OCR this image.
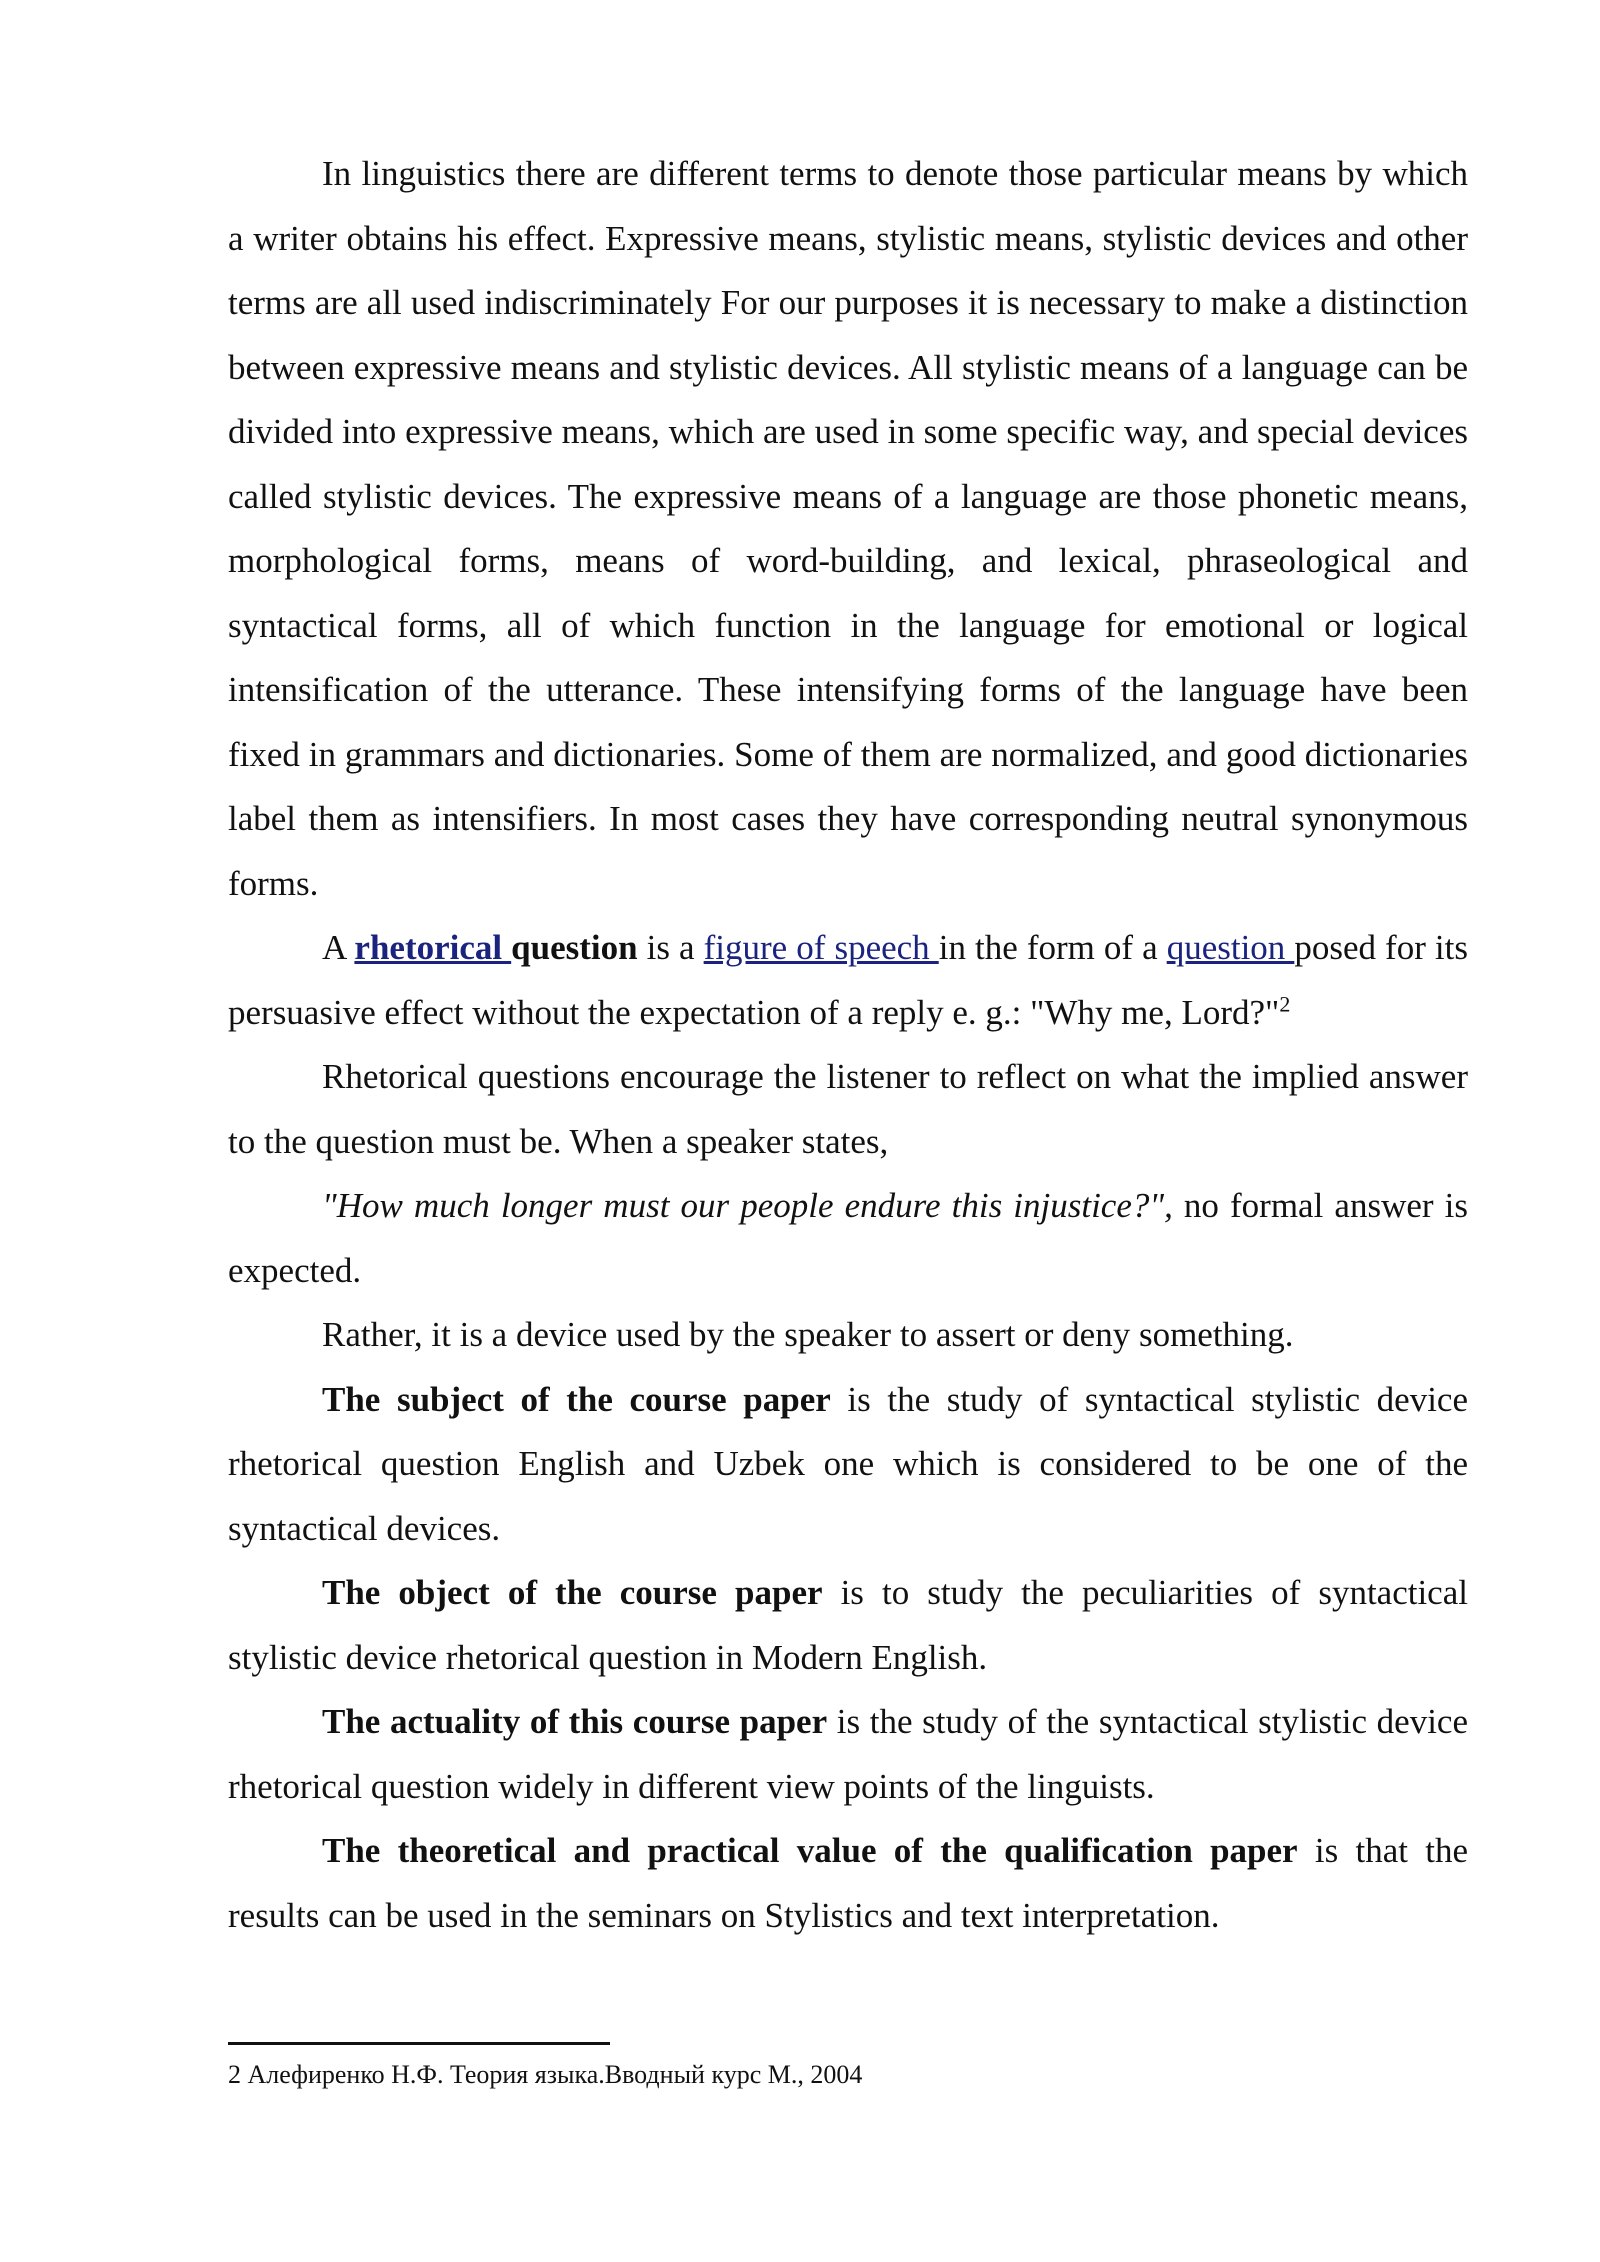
In linguistics there are different terms to denote those particular means by which a writer obtains his effect. Expressive means, stylistic means, stylistic devices and other terms are all used indiscriminately For our purposes it is necessary to make a distinction between expressive means and stylistic devices. All stylistic means of a language can be divided into expressive means, which are used in some specific way, and special devices called stylistic devices. The expressive means of a language are those phonetic means, morphological forms, means of word-building, and lexical, phraseological and syntactical forms, all of which function in the language for emotional or logical intensification of the utterance. These intensifying forms of the language have been fixed in grammars and dictionaries. Some of them are normalized, and good dictionaries label them as intensifiers. In most cases they have corresponding neutral synonymous forms.

A rhetorical question is a figure of speech in the form of a question posed for its persuasive effect without the expectation of a reply e. g.: "Why me, Lord?"$^2$

Rhetorical questions encourage the listener to reflect on what the implied answer to the question must be. When a speaker states,

"How much longer must our people endure this injustice?", no formal answer is expected.

Rather, it is a device used by the speaker to assert or deny something.

The subject of the course paper is the study of syntactical stylistic device rhetorical question English and Uzbek one which is considered to be one of the syntactical devices.

The object of the course paper is to study the peculiarities of syntactical stylistic device rhetorical question in Modern English.

The actuality of this course paper is the study of the syntactical stylistic device rhetorical question widely in different view points of the linguists.

The theoretical and practical value of the qualification paper is that the results can be used in the seminars on Stylistics and text interpretation.

2 Алефиренко Н.Ф. Теория языка.Вводный курс М., 2004
